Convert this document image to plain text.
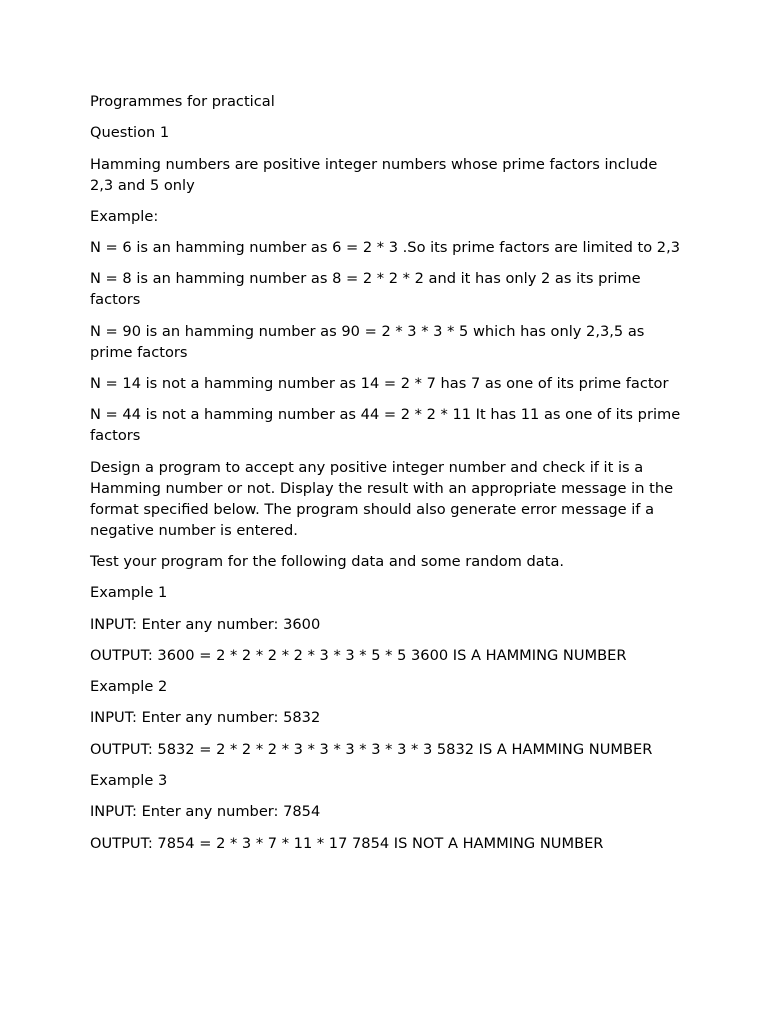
Programmes for practical

Question 1

Hamming numbers are positive integer numbers whose prime factors include 2,3 and 5 only

Example:

N = 6 is an hamming number as 6 = 2 * 3 .So its prime factors are limited to 2,3

N = 8 is an hamming number as 8 = 2 * 2 * 2 and it has only 2 as its prime factors

N = 90 is an hamming number as 90 = 2 * 3 * 3 * 5 which has only 2,3,5 as prime factors

N = 14 is not a hamming number as 14 = 2 * 7 has 7 as one of its prime factor

N = 44 is not a hamming number as 44 = 2 * 2 * 11 It has 11 as one of its prime factors

Design a program to accept any positive integer number and check if it is a Hamming number or not. Display the result with an appropriate message in the format specified below. The program should also generate error message if a negative number is entered.

Test your program for the following data and some random data.

Example 1

INPUT: Enter any number: 3600

OUTPUT: 3600 = 2 * 2 * 2 * 2 * 3 * 3 * 5 * 5 3600 IS A HAMMING NUMBER

Example 2

INPUT: Enter any number: 5832

OUTPUT: 5832 = 2 * 2 * 2 * 3 * 3 * 3 * 3 * 3 * 3 5832 IS A HAMMING NUMBER

Example 3

INPUT: Enter any number: 7854

OUTPUT: 7854 = 2 * 3 * 7 * 11 * 17 7854 IS NOT A HAMMING NUMBER
